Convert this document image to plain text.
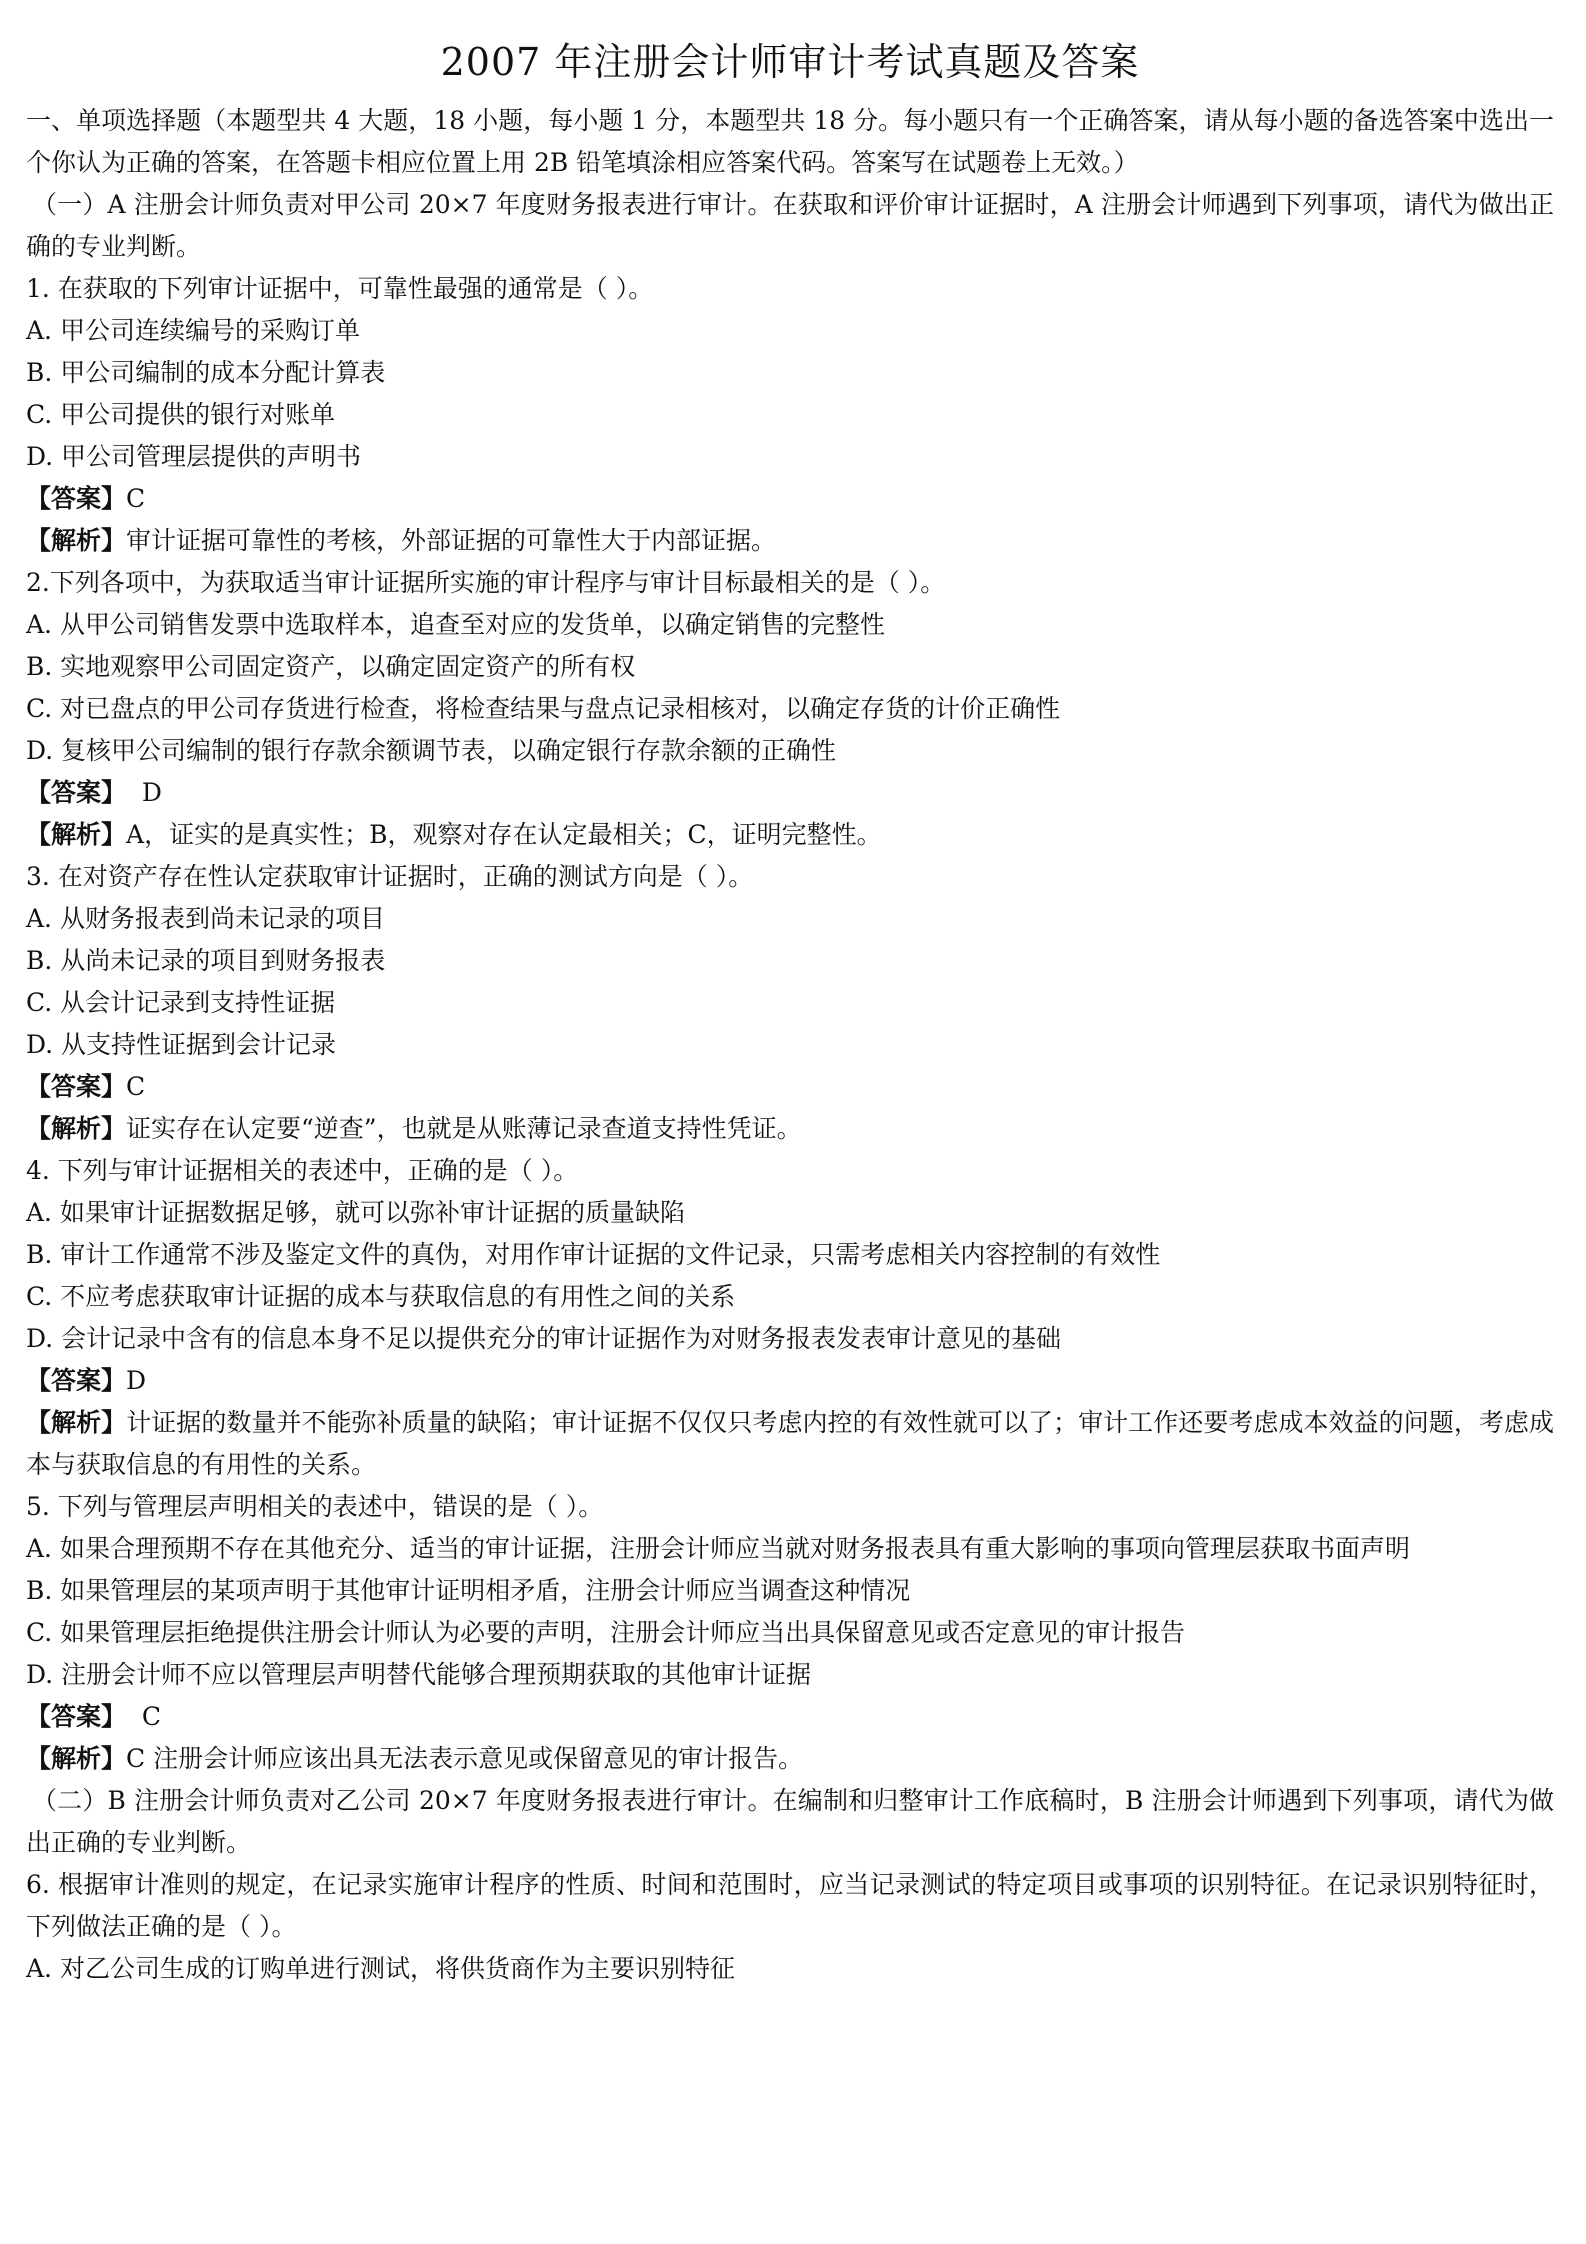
2007 年注册会计师审计考试真题及答案

一、单项选择题（本题型共 4 大题，18 小题，每小题 1 分，本题型共 18 分。每小题只有一个正确答案，请从每小题的备选答案中选出一个你认为正确的答案，在答题卡相应位置上用 2B 铅笔填涂相应答案代码。答案写在试题卷上无效。）

（一）A 注册会计师负责对甲公司 20×7 年度财务报表进行审计。在获取和评价审计证据时，A 注册会计师遇到下列事项，请代为做出正确的专业判断。

1. 在获取的下列审计证据中，可靠性最强的通常是（ ）。

A. 甲公司连续编号的采购订单

B. 甲公司编制的成本分配计算表

C. 甲公司提供的银行对账单

D. 甲公司管理层提供的声明书

【答案】C

【解析】审计证据可靠性的考核，外部证据的可靠性大于内部证据。

2.下列各项中，为获取适当审计证据所实施的审计程序与审计目标最相关的是（ ）。

A. 从甲公司销售发票中选取样本，追查至对应的发货单，以确定销售的完整性

B. 实地观察甲公司固定资产，以确定固定资产的所有权

C. 对已盘点的甲公司存货进行检查，将检查结果与盘点记录相核对，以确定存货的计价正确性

D. 复核甲公司编制的银行存款余额调节表，以确定银行存款余额的正确性

【答案】  D

【解析】A，证实的是真实性；B，观察对存在认定最相关；C，证明完整性。

3. 在对资产存在性认定获取审计证据时，正确的测试方向是（ ）。

A. 从财务报表到尚未记录的项目

B. 从尚未记录的项目到财务报表

C. 从会计记录到支持性证据

D. 从支持性证据到会计记录

【答案】C

【解析】证实存在认定要“逆查”，也就是从账薄记录查道支持性凭证。

4. 下列与审计证据相关的表述中，正确的是（ ）。

A. 如果审计证据数据足够，就可以弥补审计证据的质量缺陷

B. 审计工作通常不涉及鉴定文件的真伪，对用作审计证据的文件记录，只需考虑相关内容控制的有效性

C. 不应考虑获取审计证据的成本与获取信息的有用性之间的关系

D. 会计记录中含有的信息本身不足以提供充分的审计证据作为对财务报表发表审计意见的基础

【答案】D

【解析】计证据的数量并不能弥补质量的缺陷；审计证据不仅仅只考虑内控的有效性就可以了；审计工作还要考虑成本效益的问题，考虑成本与获取信息的有用性的关系。

5. 下列与管理层声明相关的表述中，错误的是（ ）。

A. 如果合理预期不存在其他充分、适当的审计证据，注册会计师应当就对财务报表具有重大影响的事项向管理层获取书面声明

B. 如果管理层的某项声明于其他审计证明相矛盾，注册会计师应当调查这种情况

C. 如果管理层拒绝提供注册会计师认为必要的声明，注册会计师应当出具保留意见或否定意见的审计报告

D. 注册会计师不应以管理层声明替代能够合理预期获取的其他审计证据

【答案】  C

【解析】C 注册会计师应该出具无法表示意见或保留意见的审计报告。

（二）B 注册会计师负责对乙公司 20×7 年度财务报表进行审计。在编制和归整审计工作底稿时，B 注册会计师遇到下列事项，请代为做出正确的专业判断。

6. 根据审计准则的规定，在记录实施审计程序的性质、时间和范围时，应当记录测试的特定项目或事项的识别特征。在记录识别特征时，下列做法正确的是（ ）。

A. 对乙公司生成的订购单进行测试，将供货商作为主要识别特征
